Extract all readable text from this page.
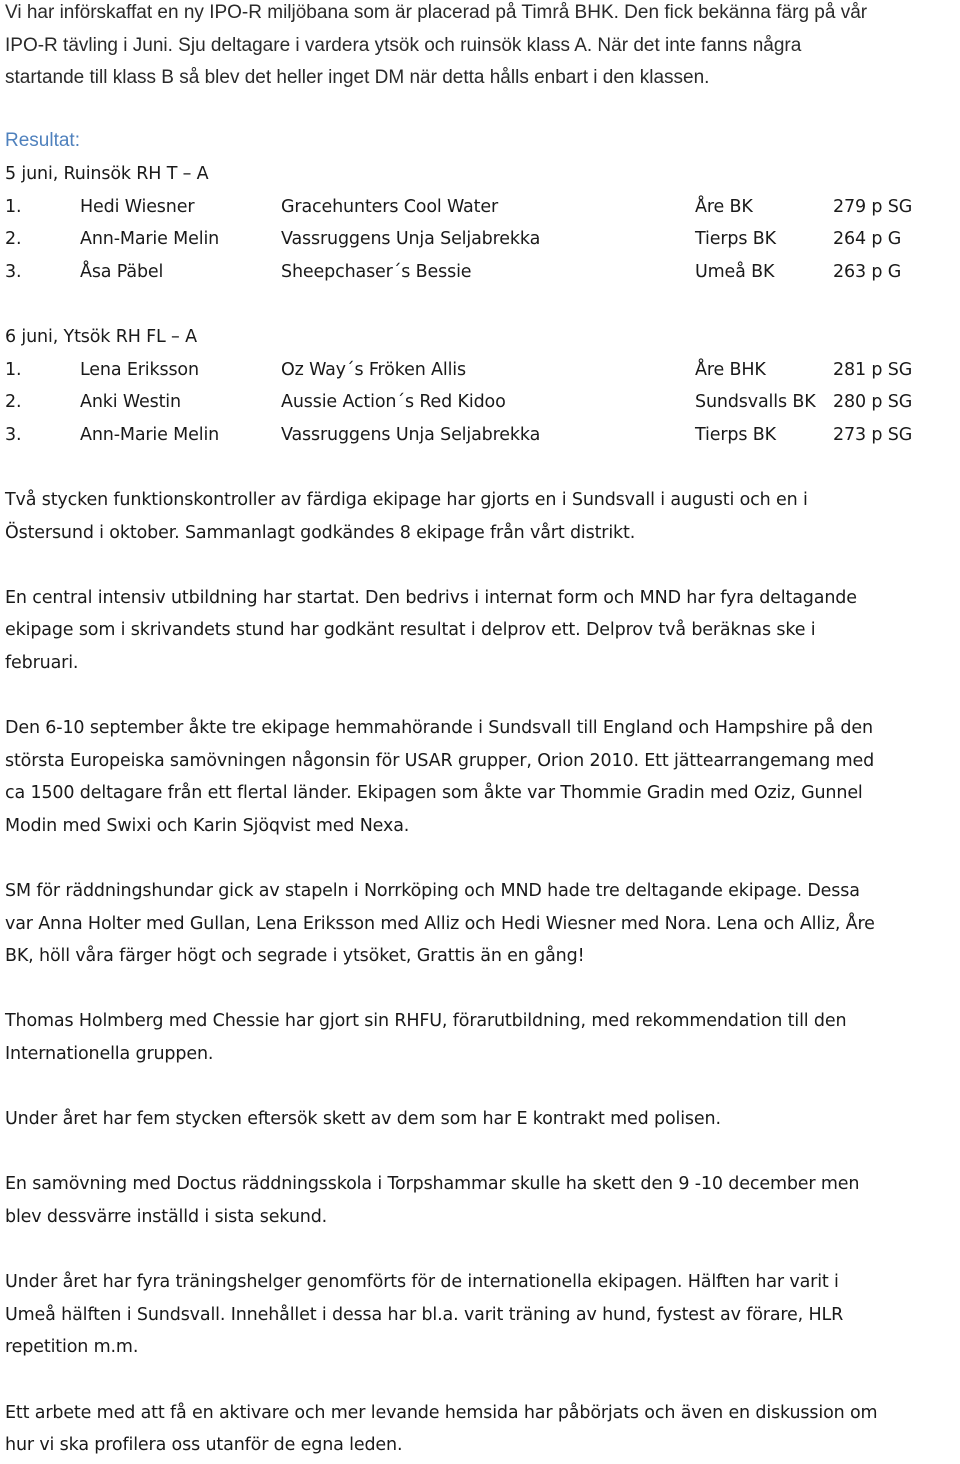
Vi har införskaffat en ny IPO-R miljöbana som är placerad på Timrå BHK. Den fick bekänna färg på vår

IPO-R tävling i Juni. Sju deltagare i vardera ytsök och ruinsök klass A. När det inte fanns några

startande till klass B så blev det heller inget DM när detta hålls enbart i den klassen.

Resultat:

5 juni, Ruinsök RH T – A

1.	Hedi Wiesner	Gracehunters Cool Water	Åre BK	279 p SG
2.	Ann-Marie Melin	Vassruggens Unja Seljabrekka	Tierps BK	264 p G
3.	Åsa Päbel	Sheepchaser´s Bessie	Umeå BK	263 p G

6 juni, Ytsök RH FL – A

1.	Lena Eriksson	Oz Way´s Fröken Allis	Åre BHK	281 p SG
2.	Anki Westin	Aussie Action´s Red Kidoo	Sundsvalls BK 280 p SG
3.	Ann-Marie Melin	Vassruggens Unja Seljabrekka	Tierps BK	273 p SG

Två stycken funktionskontroller av färdiga ekipage har gjorts en i Sundsvall i augusti och en i

Östersund i oktober. Sammanlagt godkändes 8 ekipage från vårt distrikt.

En central intensiv utbildning har startat. Den bedrivs i internat form och MND har fyra deltagande

ekipage som i skrivandets stund har godkänt resultat i delprov ett. Delprov två beräknas ske i

februari.

Den 6-10 september åkte tre ekipage hemmahörande i Sundsvall till England och Hampshire på den

största Europeiska samövningen någonsin för USAR grupper, Orion 2010. Ett jättearrangemang med

ca 1500 deltagare från ett flertal länder. Ekipagen som åkte var Thommie Gradin med Oziz, Gunnel

Modin med Swixi och Karin Sjöqvist med Nexa.

SM för räddningshundar gick av stapeln i Norrköping och MND hade tre deltagande ekipage. Dessa

var Anna Holter med Gullan, Lena Eriksson med Alliz och Hedi Wiesner med Nora. Lena och Alliz, Åre

BK, höll våra färger högt och segrade i ytsöket, Grattis än en gång!

Thomas Holmberg med Chessie har gjort sin RHFU, förarutbildning, med rekommendation till den

Internationella gruppen.

Under året har fem stycken eftersök skett av dem som har E kontrakt med polisen.

En samövning med Doctus räddningsskola i Torpshammar skulle ha skett den 9 -10 december men

blev dessvärre inställd i sista sekund.

Under året har fyra träningshelger genomförts för de internationella ekipagen. Hälften har varit i

Umeå hälften i Sundsvall. Innehållet i dessa har bl.a. varit träning av hund, fystest av förare, HLR

repetition m.m.

Ett arbete med att få en aktivare och mer levande hemsida har påbörjats och även en diskussion om

hur vi ska profilera oss utanför de egna leden.
